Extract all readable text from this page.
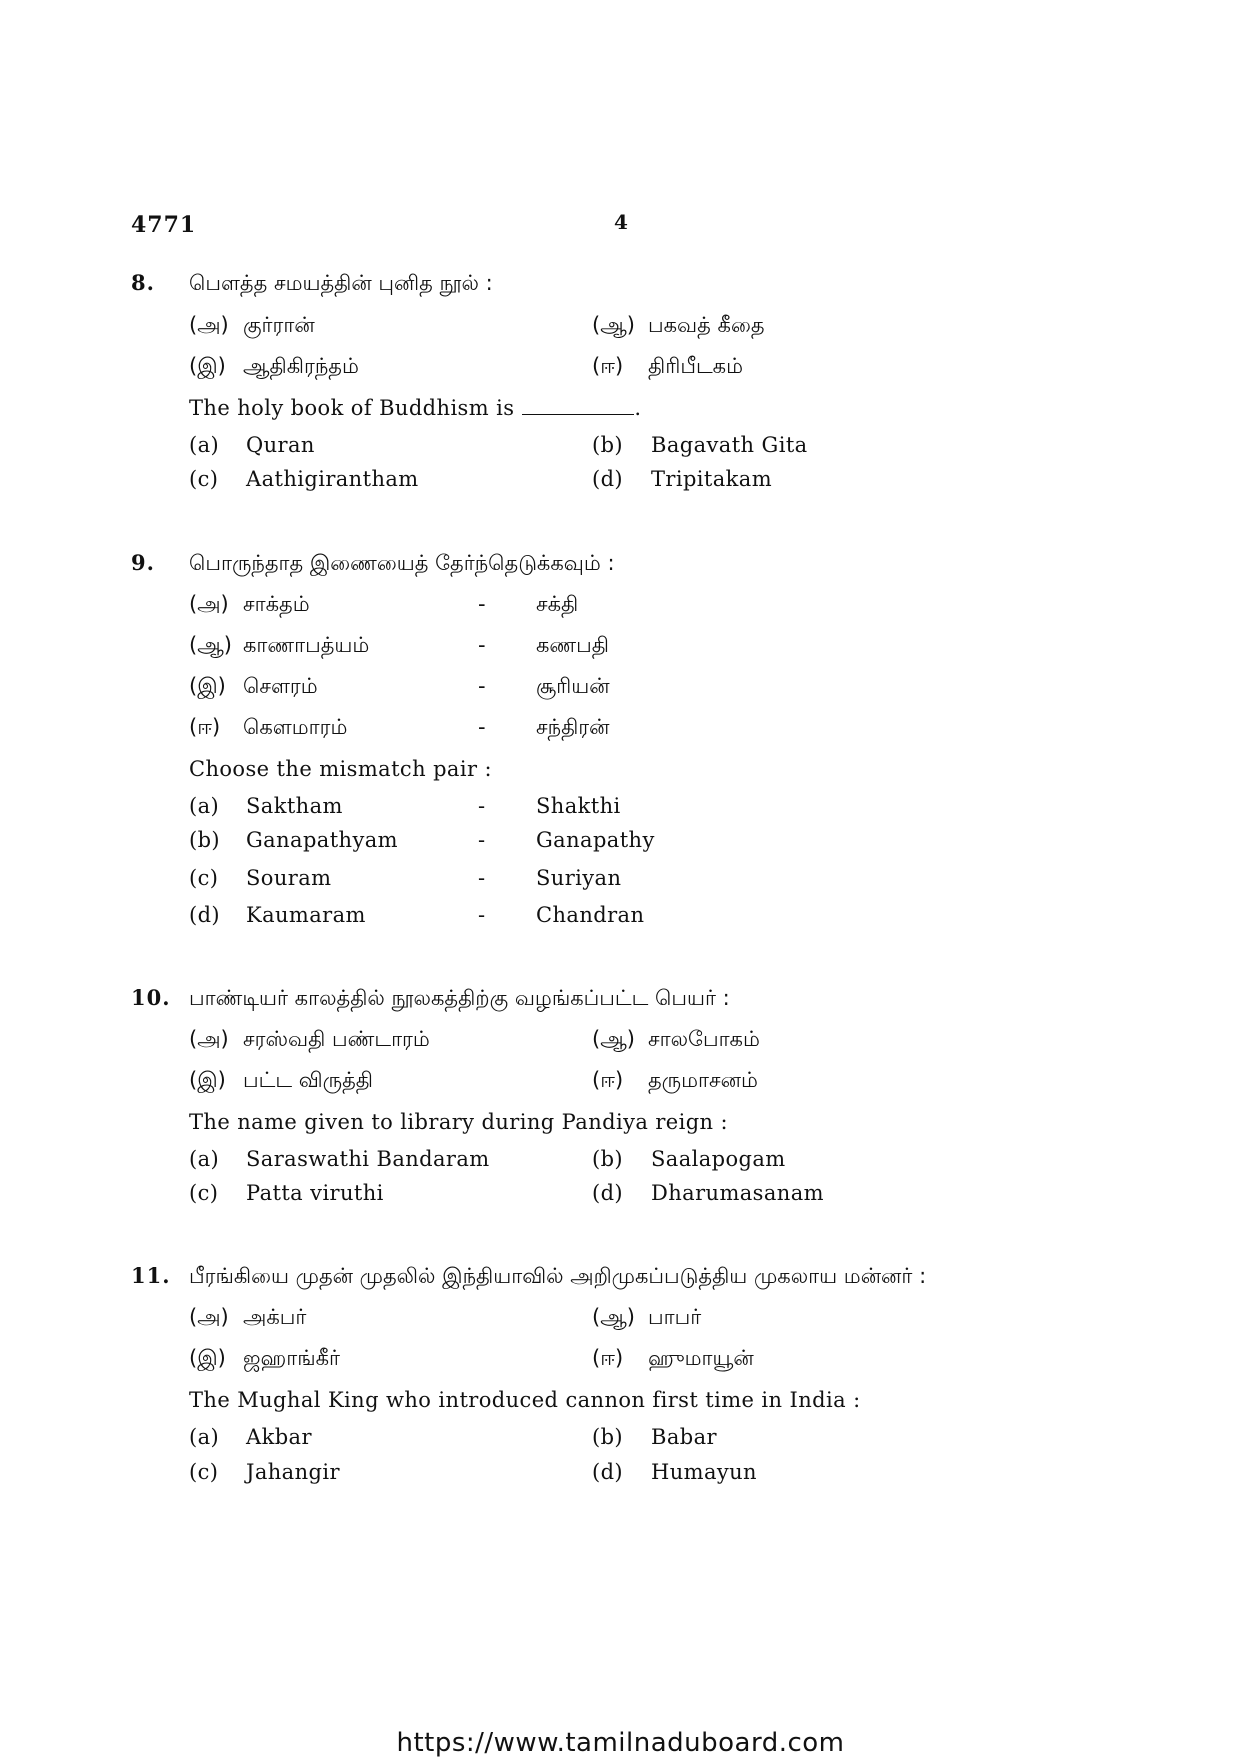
4771	4
8. பௌத்த சமயத்தின் புனித நூல் :
(அ) குர்ரான்	(ஆ) பகவத் கீதை
(இ) ஆதிகிரந்தம்	(ஈ) திரிபீடகம்
The holy book of Buddhism is	.
(a) Quran	(b) Bagavath Gita
(c) Aathigirantham	(d) Tripitakam
9. பொருந்தாத இணையைத் தேர்ந்தெடுக்கவும் :
(அ) சாக்தம்	- சக்தி
(ஆ) காணாபத்யம்	- கணபதி
(இ) சௌரம்	- சூரியன்
(ஈ) கௌமாரம்	- சந்திரன்
Choose the mismatch pair :
(a) Saktham	- Shakthi
(b) Ganapathyam	- Ganapathy
(c) Souram	- Suriyan
(d) Kaumaram	- Chandran
10. பாண்டியர் காலத்தில் நூலகத்திற்கு வழங்கப்பட்ட பெயர் :
(அ) சரஸ்வதி பண்டாரம்	(ஆ) சாலபோகம்
(இ) பட்ட விருத்தி	(ஈ) தருமாசனம்
The name given to library during Pandiya reign :
(a) Saraswathi Bandaram	(b) Saalapogam
(c) Patta viruthi	(d) Dharumasanam
11. பீரங்கியை முதன் முதலில் இந்தியாவில் அறிமுகப்படுத்திய முகலாய மன்னர் :
(அ) அக்பர்	(ஆ) பாபர்
(இ) ஜஹாங்கீர்	(ஈ) ஹுமாயூன்
The Mughal King who introduced cannon first time in India :
(a) Akbar	(b) Babar
(c) Jahangir	(d) Humayun
https://www.tamilnaduboard.com
